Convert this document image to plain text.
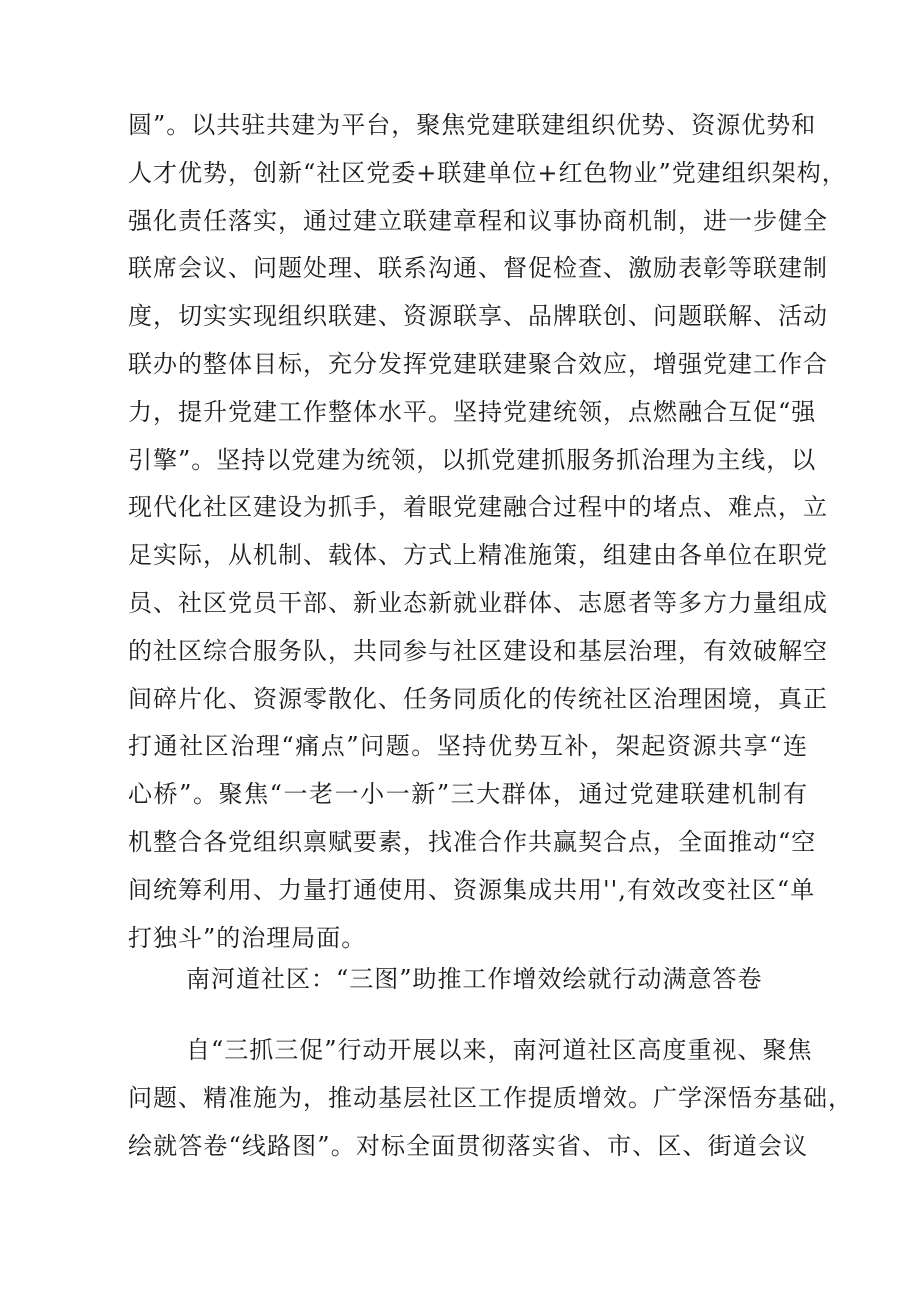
圆”。以共驻共建为平台，聚焦党建联建组织优势、资源优势和
人才优势，创新“社区党委+联建单位+红色物业”党建组织架构，
强化责任落实，通过建立联建章程和议事协商机制，进一步健全
联席会议、问题处理、联系沟通、督促检查、激励表彰等联建制
度，切实实现组织联建、资源联享、品牌联创、问题联解、活动
联办的整体目标，充分发挥党建联建聚合效应，增强党建工作合
力，提升党建工作整体水平。坚持党建统领，点燃融合互促“强
引擎”。坚持以党建为统领，以抓党建抓服务抓治理为主线，以
现代化社区建设为抓手，着眼党建融合过程中的堵点、难点，立
足实际，从机制、载体、方式上精准施策，组建由各单位在职党
员、社区党员干部、新业态新就业群体、志愿者等多方力量组成
的社区综合服务队，共同参与社区建设和基层治理，有效破解空
间碎片化、资源零散化、任务同质化的传统社区治理困境，真正
打通社区治理“痛点”问题。坚持优势互补，架起资源共享“连
心桥”。聚焦“一老一小一新”三大群体，通过党建联建机制有
机整合各党组织禀赋要素，找准合作共赢契合点，全面推动“空
间统筹利用、力量打通使用、资源集成共用'',有效改变社区“单
打独斗”的治理局面。
南河道社区：“三图”助推工作增效绘就行动满意答卷
自“三抓三促”行动开展以来，南河道社区高度重视、聚焦
问题、精准施为，推动基层社区工作提质增效。广学深悟夯基础，
绘就答卷“线路图”。对标全面贯彻落实省、市、区、街道会议
